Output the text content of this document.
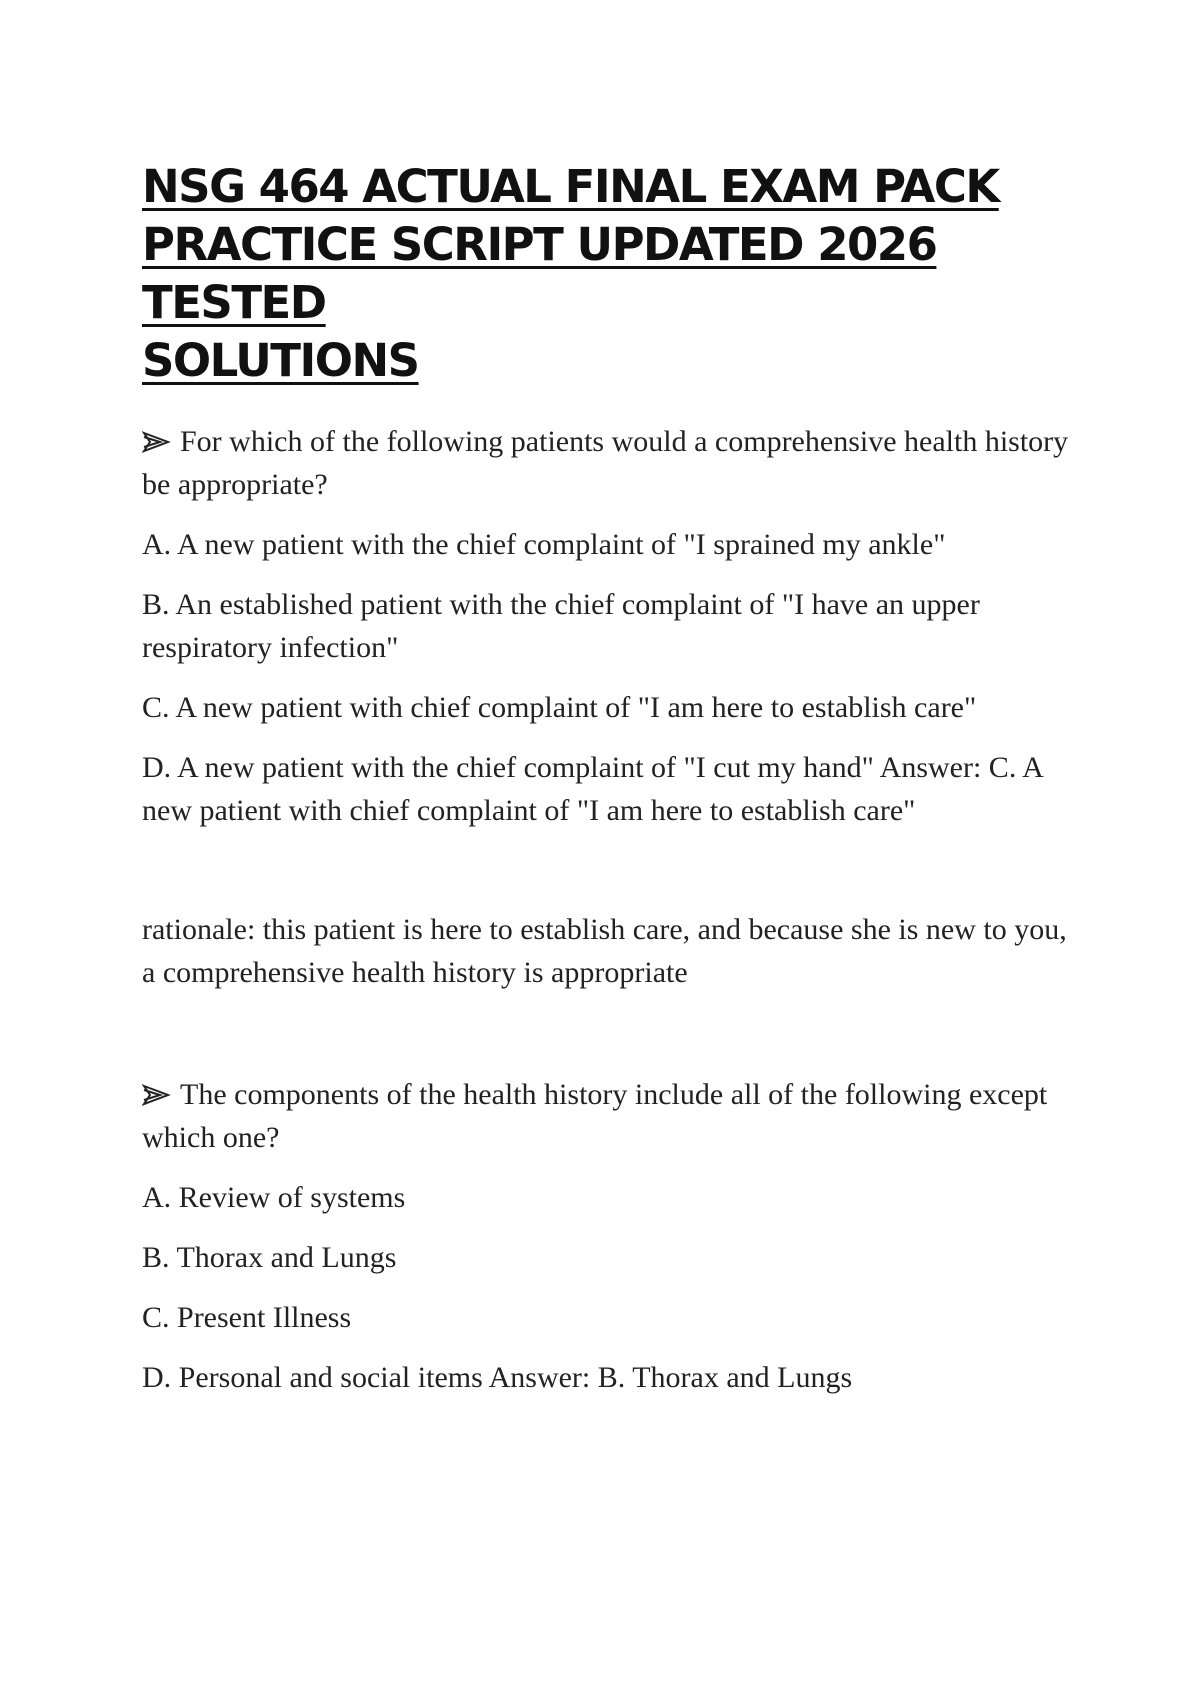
NSG 464 ACTUAL FINAL EXAM PACK
PRACTICE SCRIPT UPDATED 2026 TESTED
SOLUTIONS

For which of the following patients would a comprehensive health history be appropriate?

A. A new patient with the chief complaint of "I sprained my ankle"

B. An established patient with the chief complaint of "I have an upper respiratory infection"

C. A new patient with chief complaint of "I am here to establish care"

D. A new patient with the chief complaint of "I cut my hand" Answer: C. A new patient with chief complaint of "I am here to establish care"

rationale: this patient is here to establish care, and because she is new to you, a comprehensive health history is appropriate

The components of the health history include all of the following except which one?

A. Review of systems

B. Thorax and Lungs

C. Present Illness

D. Personal and social items Answer: B. Thorax and Lungs
